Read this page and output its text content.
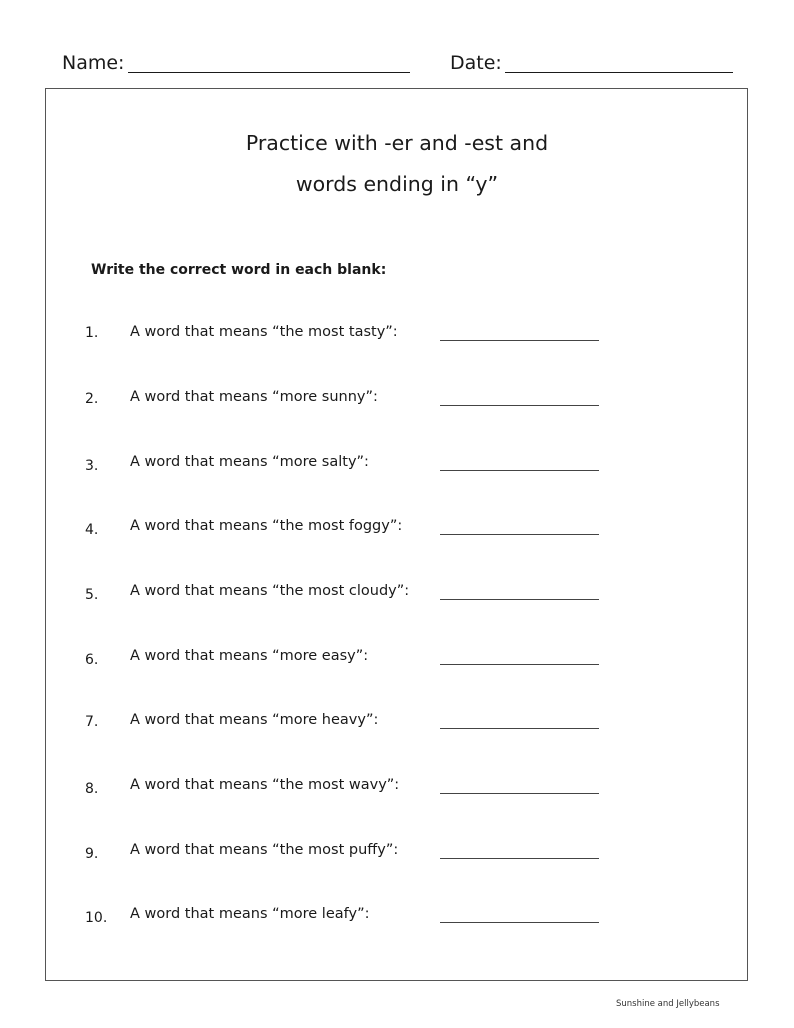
Name:	Date:
Practice with -er and -est and
words ending in “y”
Write the correct word in each blank:
1. A word that means “the most tasty”:
2. A word that means “more sunny”:
3. A word that means “more salty”:
4. A word that means “the most foggy”:
5. A word that means “the most cloudy”:
6. A word that means “more easy”:
7. A word that means “more heavy”:
8. A word that means “the most wavy”:
9. A word that means “the most puffy”:
10. A word that means “more leafy”:
Sunshine and Jellybeans
